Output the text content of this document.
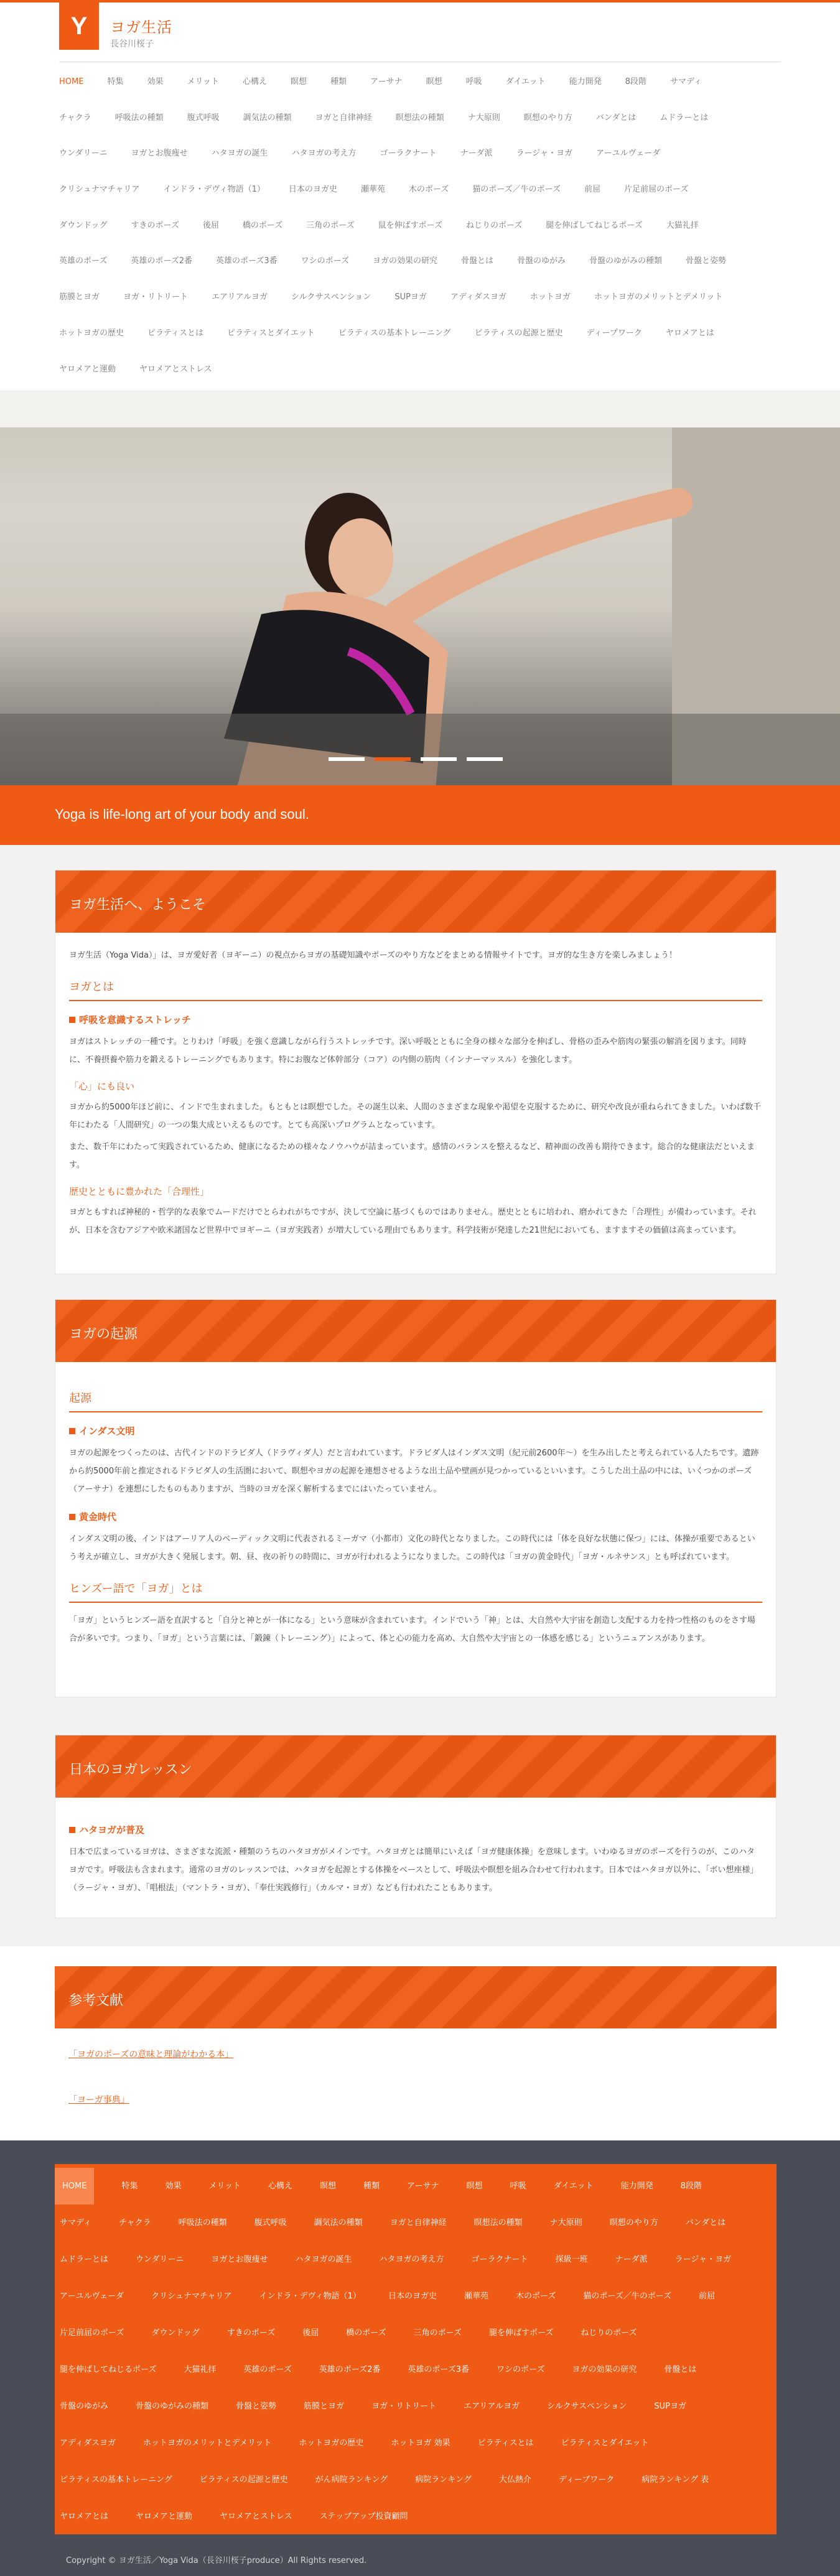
Y	ヨガ生活
長谷川桜子
HOME	特集	効果	メリット	心構え	瞑想	種類	アーサナ	瞑想	呼吸	ダイエット	能力開発	8段階	サマディ
チャクラ	呼吸法の種類	腹式呼吸	調気法の種類	ヨガと自律神経	瞑想法の種類	ナ大原則	瞑想のやり方	バンダとは	ムドラーとは
ウンダリーニ	ヨガとお腹痩せ	ハタヨガの誕生	ハタヨガの考え方	ゴーラクナート	ナーダ派	ラージャ・ヨガ	アーユルヴェーダ
クリシュナマチャリア	インドラ・デヴィ物語（1）	日本のヨガ史	瀬華苑	木のポーズ	猫のポーズ／牛のポーズ	前屈	片足前屈のポーズ
ダウンドッグ	すきのポーズ	後屈	橋のポーズ	三角のポーズ	鼠を伸ばすポーズ	ねじりのポーズ	腿を伸ばしてねじるポーズ	大猫礼拝
英雄のポーズ	英雄のポーズ2番	英雄のポーズ3番	ワシのポーズ	ヨガの効果の研究	骨盤とは	骨盤のゆがみ	骨盤のゆがみの種類	骨盤と姿勢
筋膜とヨガ	ヨガ・リトリート	エアリアルヨガ	シルクサスペンション	SUPヨガ	アディダスヨガ	ホットヨガ	ホットヨガのメリットとデメリット
ホットヨガの歴史	ピラティスとは	ピラティスとダイエット	ピラティスの基本トレーニング	ピラティスの起源と歴史	ディープワーク	ヤロメアとは
ヤロメアと運動	ヤロメアとストレス
Yoga is life-long art of your body and soul.
ヨガ生活へ、ようこそ
ヨガ生活（Yoga Vida）」は、ヨガ愛好者（ヨギーニ）の視点からヨガの基礎知識やポーズのやり方などをまとめる情報サイトです。ヨガ的な生き方を楽しみましょう！
ヨガとは
呼吸を意識するストレッチ
ヨガはストレッチの一種です。とりわけ「呼吸」を強く意識しながら行うストレッチです。深い呼吸とともに全身の様々な部分を伸ばし、骨格の歪みや筋肉の緊張の解消を図ります。同時に、不養摂養や筋力を鍛えるトレーニングでもあります。特にお腹など体幹部分（コア）の内側の筋肉（インナーマッスル）を強化します。
「心」にも良い
ヨガから約5000年ほど前に、インドで生まれました。もともとは瞑想でした。その誕生以来、人間のさまざまな現象や渇望を克服するために、研究や改良が重ねられてきました。いわば数千年にわたる「人間研究」の一つの集大成といえるものです。とても高深いプログラムとなっています。
また、数千年にわたって実践されているため、健康になるための様々なノウハウが詰まっています。感情のバランスを整えるなど、精神面の改善も期待できます。総合的な健康法だといえます。
歴史とともに豊かれた「合理性」
ヨガともすれば神秘的・哲学的な表象でムードだけでとらわれがちですが、決して空論に基づくものではありません。歴史とともに培われ、磨かれてきた「合理性」が備わっています。それが、日本を含むアジアや欧米諸国など世界中でヨギーニ（ヨガ実践者）が増大している理由でもあります。科学技術が発達した21世紀においても、ますますその価値は高まっています。
ヨガの起源
起源
インダス文明
ヨガの起源をつくったのは、古代インドのドラビダ人（ドラヴィダ人）だと言われています。ドラビダ人はインダス文明（紀元前2600年〜）を生み出したと考えられている人たちです。遺跡から約5000年前と推定されるドラビダ人の生活圏において、瞑想やヨガの起源を連想させるような出土品や壁画が見つかっているといいます。こうした出土品の中には、いくつかのポーズ（アーサナ）を連想にしたものもありますが、当時のヨガを深く解析するまでにはいたっていません。
黄金時代
インダス文明の後、インドはアーリア人のベーディック文明に代表されるミーガマ（小都市）文化の時代となりました。この時代には「体を良好な状態に保つ」には、体操が重要であるという考えが確立し、ヨガが大きく発展します。朝、昼、夜の祈りの時間に、ヨガが行われるようになりました。この時代は「ヨガの黄金時代」「ヨガ・ルネサンス」とも呼ばれています。
ヒンズー語で「ヨガ」とは
「ヨガ」というヒンズー語を直訳すると「自分と神とが一体になる」という意味が含まれています。インドでいう「神」とは、大自然や大宇宙を創造し支配する力を持つ性格のものをさす場合が多いです。つまり、「ヨガ」という言葉には、「鍛錬（トレーニング）」によって、体と心の能力を高め、大自然や大宇宙との一体感を感じる」というニュアンスがあります。
日本のヨガレッスン
ハタヨガが普及
日本で広まっているヨガは、さまざまな流派・種類のうちのハタヨガがメインです。ハタヨガとは簡単にいえば「ヨガ健康体操」を意味します。いわゆるヨガのポーズを行うのが、このハタヨガです。呼吸法も含まれます。通常のヨガのレッスンでは、ハタヨガを起源とする体操をベースとして、呼吸法や瞑想を組み合わせて行われます。日本ではハタヨガ以外に、「ボい想座様」（ラージャ・ヨガ）、「唱根法」（マントラ・ヨガ）、「奉仕実践修行」（カルマ・ヨガ）なども行われたこともあります。
参考文献
「ヨガのポーズの意味と理論がわかる本」
「ヨーガ事典」
HOME	特集	効果	メリット	心構え	瞑想	種類	アーサナ	瞑想	呼吸	ダイエット	能力開発	8段階
サマディ	チャクラ	呼吸法の種類	腹式呼吸	調気法の種類	ヨガと自律神経	瞑想法の種類	ナ大原則	瞑想のやり方	バンダとは
ムドラーとは	ウンダリーニ	ヨガとお腹痩せ	ハタヨガの誕生	ハタヨガの考え方	ゴーラクナート	探級一班	ナーダ派	ラージャ・ヨガ
アーユルヴェーダ	クリシュナマチャリア	インドラ・デヴィ物語（1）	日本のヨガ史	瀬華苑	木のポーズ	猫のポーズ／牛のポーズ	前屈
片足前屈のポーズ	ダウンドッグ	すきのポーズ	後屈	橋のポーズ	三角のポーズ	腿を伸ばすポーズ	ねじりのポーズ
腿を伸ばしてねじるポーズ	大猫礼拝	英雄のポーズ	英雄のポーズ2番	英雄のポーズ3番	ワシのポーズ	ヨガの効果の研究	骨盤とは
骨盤のゆがみ	骨盤のゆがみの種類	骨盤と姿勢	筋膜とヨガ	ヨガ・リトリート	エアリアルヨガ	シルクサスペンション	SUPヨガ
アディダスヨガ	ホットヨガのメリットとデメリット	ホットヨガの歴史	ホットヨガ 効果	ピラティスとは	ピラティスとダイエット
ピラティスの基本トレーニング	ピラティスの起源と歴史	がん病院ランキング	病院ランキング	大仏熱介	ディープワーク	病院ランキング 表
ヤロメアとは	ヤロメアと運動	ヤロメアとストレス	ステップアップ投資顧問
Copyright © ヨガ生活／Yoga Vida（長谷川桜子produce）All Rights reserved.
